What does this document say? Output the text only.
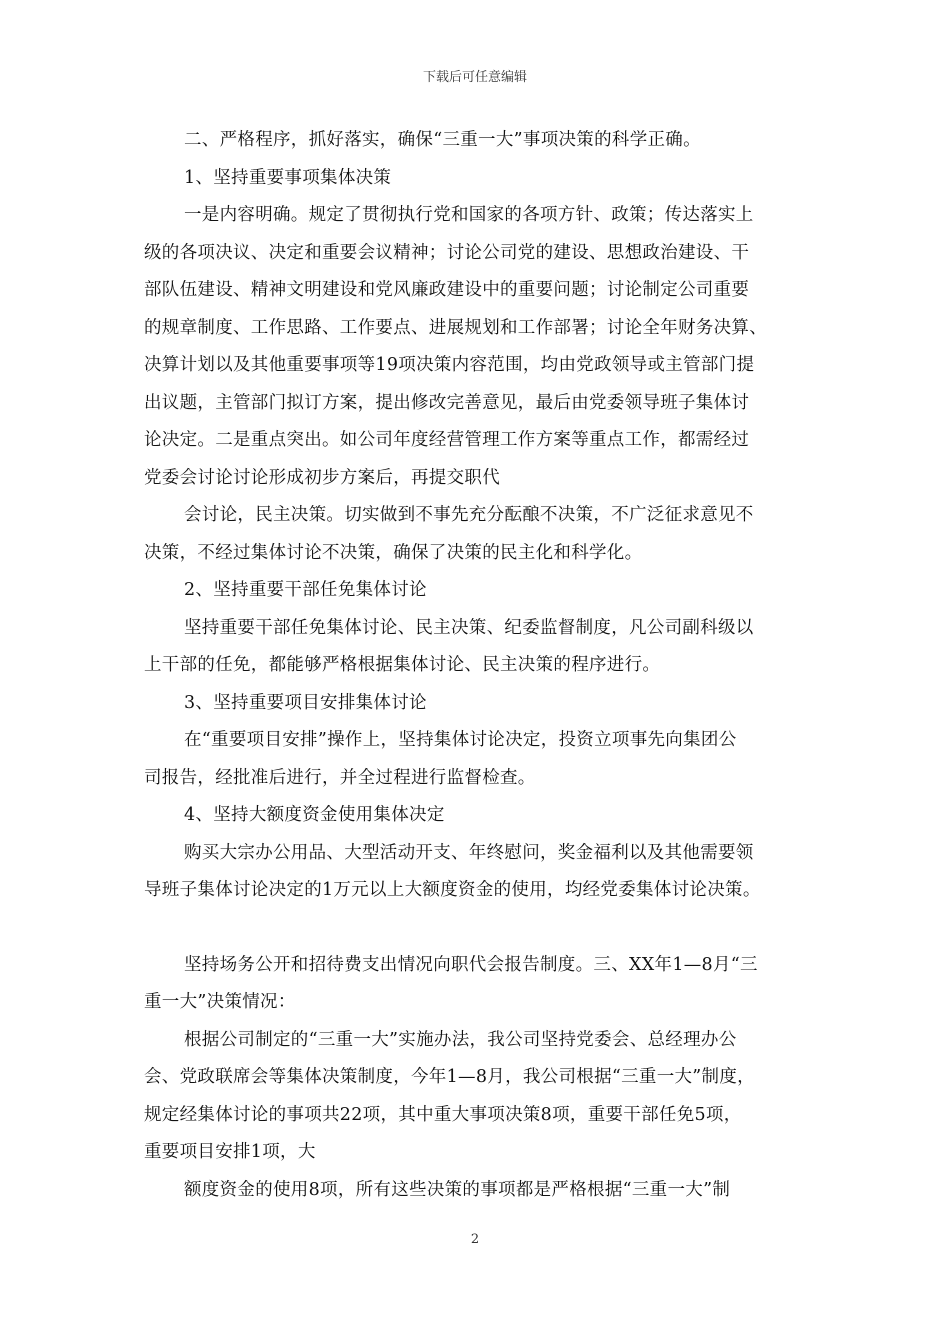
下载后可任意编辑
二、严格程序，抓好落实，确保“三重一大”事项决策的科学正确。
1、坚持重要事项集体决策
一是内容明确。规定了贯彻执行党和国家的各项方针、政策；传达落实上
级的各项决议、决定和重要会议精神；讨论公司党的建设、思想政治建设、干
部队伍建设、精神文明建设和党风廉政建设中的重要问题；讨论制定公司重要
的规章制度、工作思路、工作要点、进展规划和工作部署；讨论全年财务决算、
决算计划以及其他重要事项等19项决策内容范围，均由党政领导或主管部门提
出议题，主管部门拟订方案，提出修改完善意见，最后由党委领导班子集体讨
论决定。二是重点突出。如公司年度经营管理工作方案等重点工作，都需经过
党委会讨论讨论形成初步方案后，再提交职代
会讨论，民主决策。切实做到不事先充分酝酿不决策，不广泛征求意见不
决策，不经过集体讨论不决策，确保了决策的民主化和科学化。
2、坚持重要干部任免集体讨论
坚持重要干部任免集体讨论、民主决策、纪委监督制度，凡公司副科级以
上干部的任免，都能够严格根据集体讨论、民主决策的程序进行。
3、坚持重要项目安排集体讨论
在“重要项目安排”操作上，坚持集体讨论决定，投资立项事先向集团公
司报告，经批准后进行，并全过程进行监督检查。
4、坚持大额度资金使用集体决定
购买大宗办公用品、大型活动开支、年终慰问，奖金福利以及其他需要领
导班子集体讨论决定的1万元以上大额度资金的使用，均经党委集体讨论决策。
坚持场务公开和招待费支出情况向职代会报告制度。三、XX年1—8月“三
重一大”决策情况：
根据公司制定的“三重一大”实施办法，我公司坚持党委会、总经理办公
会、党政联席会等集体决策制度，今年1—8月，我公司根据“三重一大”制度，
规定经集体讨论的事项共22项，其中重大事项决策8项，重要干部任免5项，
重要项目安排1项，大
额度资金的使用8项，所有这些决策的事项都是严格根据“三重一大”制
2
